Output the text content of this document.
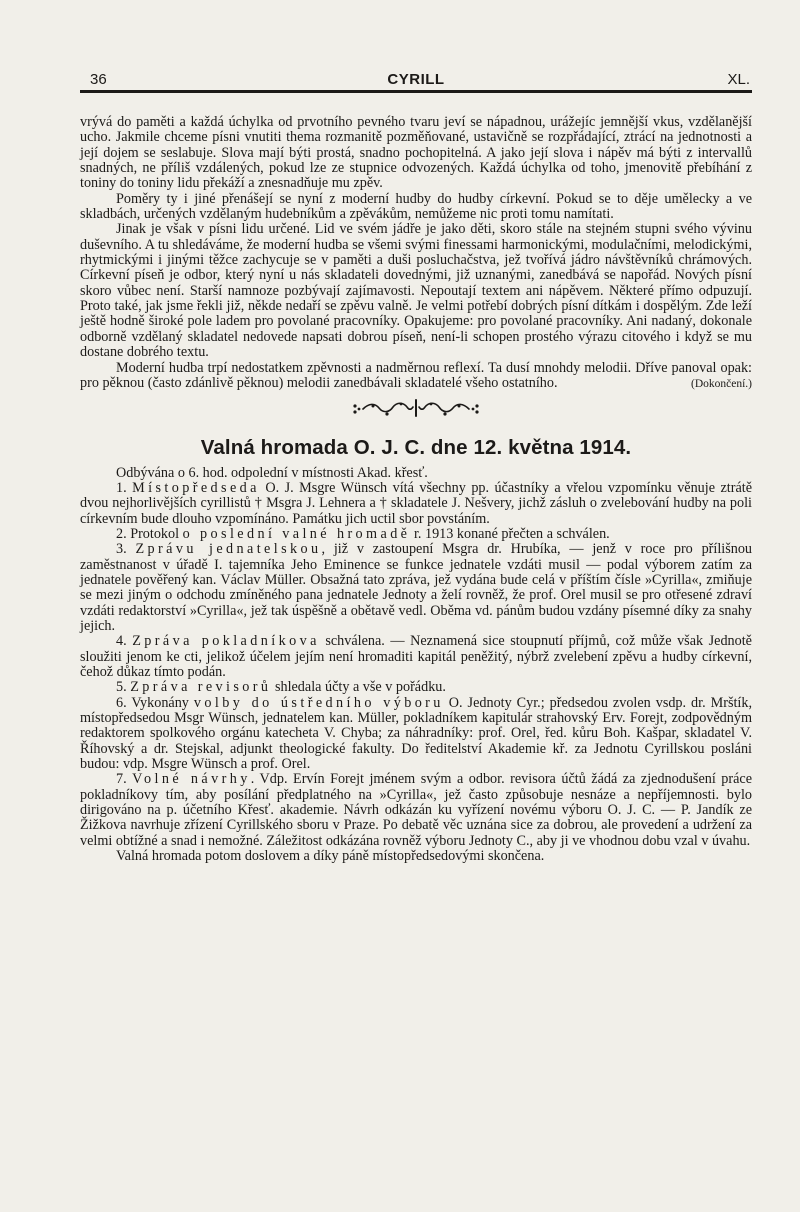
36	CYRILL	XL.

vrývá do paměti a každá úchylka od prvotního pevného tvaru jeví se nápadnou, urážejíc jemnější vkus, vzdělanější ucho. Jakmile chceme písni vnutiti thema rozmanitě pozměňované, ustavičně se rozpřádající, ztrácí na jednotnosti a její dojem se seslabuje. Slova mají býti prostá, snadno pochopitelná. A jako její slova i nápěv má býti z intervallů snadných, ne příliš vzdálených, pokud lze ze stupnice odvozených. Každá úchylka od toho, jmenovitě přebíhání z toniny do toniny lidu překáží a znesnadňuje mu zpěv.

Poměry ty i jiné přenášejí se nyní z moderní hudby do hudby církevní. Pokud se to děje umělecky a ve skladbách, určených vzdělaným hudebníkům a zpěvákům, nemůžeme nic proti tomu namítati.

Jinak je však v písni lidu určené. Lid ve svém jádře je jako děti, skoro stále na stejném stupni svého vývinu duševního. A tu shledáváme, že moderní hudba se všemi svými finessami harmonickými, modulačními, melodickými, rhytmickými i jinými těžce zachycuje se v paměti a duši posluchačstva, jež tvořívá jádro návštěvníků chrámových. Církevní píseň je odbor, který nyní u nás skladateli dovednými, již uznanými, zanedbává se napořád. Nových písní skoro vůbec není. Starší namnoze pozbývají zajímavosti. Nepoutají textem ani nápěvem. Některé přímo odpuzují. Proto také, jak jsme řekli již, někde nedaří se zpěvu valně. Je velmi potřebí dobrých písní dítkám i dospělým. Zde leží ještě hodně široké pole ladem pro povolané pracovníky. Opakujeme: pro povolané pracovníky. Ani nadaný, dokonale odborně vzdělaný skladatel nedovede napsati dobrou píseň, není-li schopen prostého výrazu citového i když se mu dostane dobrého textu.

Moderní hudba trpí nedostatkem zpěvnosti a nadměrnou reflexí. Ta dusí mnohdy melodii. Dříve panoval opak: pro pěknou (často zdánlivě pěknou) melodii zanedbávali skladatelé všeho ostatního.	(Dokončení.)

Valná hromada O. J. C. dne 12. května 1914.

Odbývána o 6. hod. odpolední v místnosti Akad. křesť.

1. Místopředseda O. J. Msgre Wünsch vítá všechny pp. účastníky a vřelou vzpomínku věnuje ztrátě dvou nejhorlivějších cyrillistů † Msgra J. Lehnera a † skladatele J. Nešvery, jichž zásluh o zvelebování hudby na poli církevním bude dlouho vzpomínáno. Památku jich uctil sbor povstáním.

2. Protokol o poslední valné hromadě r. 1913 konané přečten a schválen.

3. Zprávu jednatelskou, již v zastoupení Msgra dr. Hrubíka, — jenž v roce pro přílišnou zaměstnanost v úřadě I. tajemníka Jeho Eminence se funkce jednatele vzdáti musil — podal výborem zatím za jednatele pověřený kan. Václav Müller. Obsažná tato zpráva, jež vydána bude celá v příštím čísle »Cyrilla«, zmiňuje se mezi jiným o odchodu zmíněného pana jednatele Jednoty a želí rovněž, že prof. Orel musil se pro otřesené zdraví vzdáti redaktorství »Cyrilla«, jež tak úspěšně a obětavě vedl. Oběma vd. pánům budou vzdány písemné díky za snahy jejich.

4. Zpráva pokladníkova schválena. — Neznamená sice stoupnutí příjmů, což může však Jednotě sloužiti jenom ke cti, jelikož účelem jejím není hromaditi kapitál peněžitý, nýbrž zvelebení zpěvu a hudby církevní, čehož důkaz tímto podán.

5. Zpráva revisorů shledala účty a vše v pořádku.

6. Vykonány volby do ústředního výboru O. Jednoty Cyr.; předsedou zvolen vsdp. dr. Mrštík, místopředsedou Msgr Wünsch, jednatelem kan. Müller, pokladníkem kapitulár strahovský Erv. Forejt, zodpovědným redaktorem spolkového orgánu katecheta V. Chyba; za náhradníky: prof. Orel, řed. kůru Boh. Kašpar, skladatel V. Říhovský a dr. Stejskal, adjunkt theologické fakulty. Do ředitelství Akademie kř. za Jednotu Cyrillskou posláni budou: vdp. Msgre Wünsch a prof. Orel.

7. Volné návrhy. Vdp. Ervín Forejt jménem svým a odbor. revisora účtů žádá za zjednodušení práce pokladníkovy tím, aby posílání předplatného na »Cyrilla«, jež často způsobuje nesnáze a nepříjemnosti. bylo dirigováno na p. účetního Křesť. akademie. Návrh odkázán ku vyřízení novému výboru O. J. C. — P. Jandík ze Žižkova navrhuje zřízení Cyrillského sboru v Praze. Po debatě věc uznána sice za dobrou, ale provedení a udržení za velmi obtížné a snad i nemožné. Záležitost odkázána rovněž výboru Jednoty C., aby ji ve vhodnou dobu vzal v úvahu.

Valná hromada potom doslovem a díky páně místopředsedovými skončena.
